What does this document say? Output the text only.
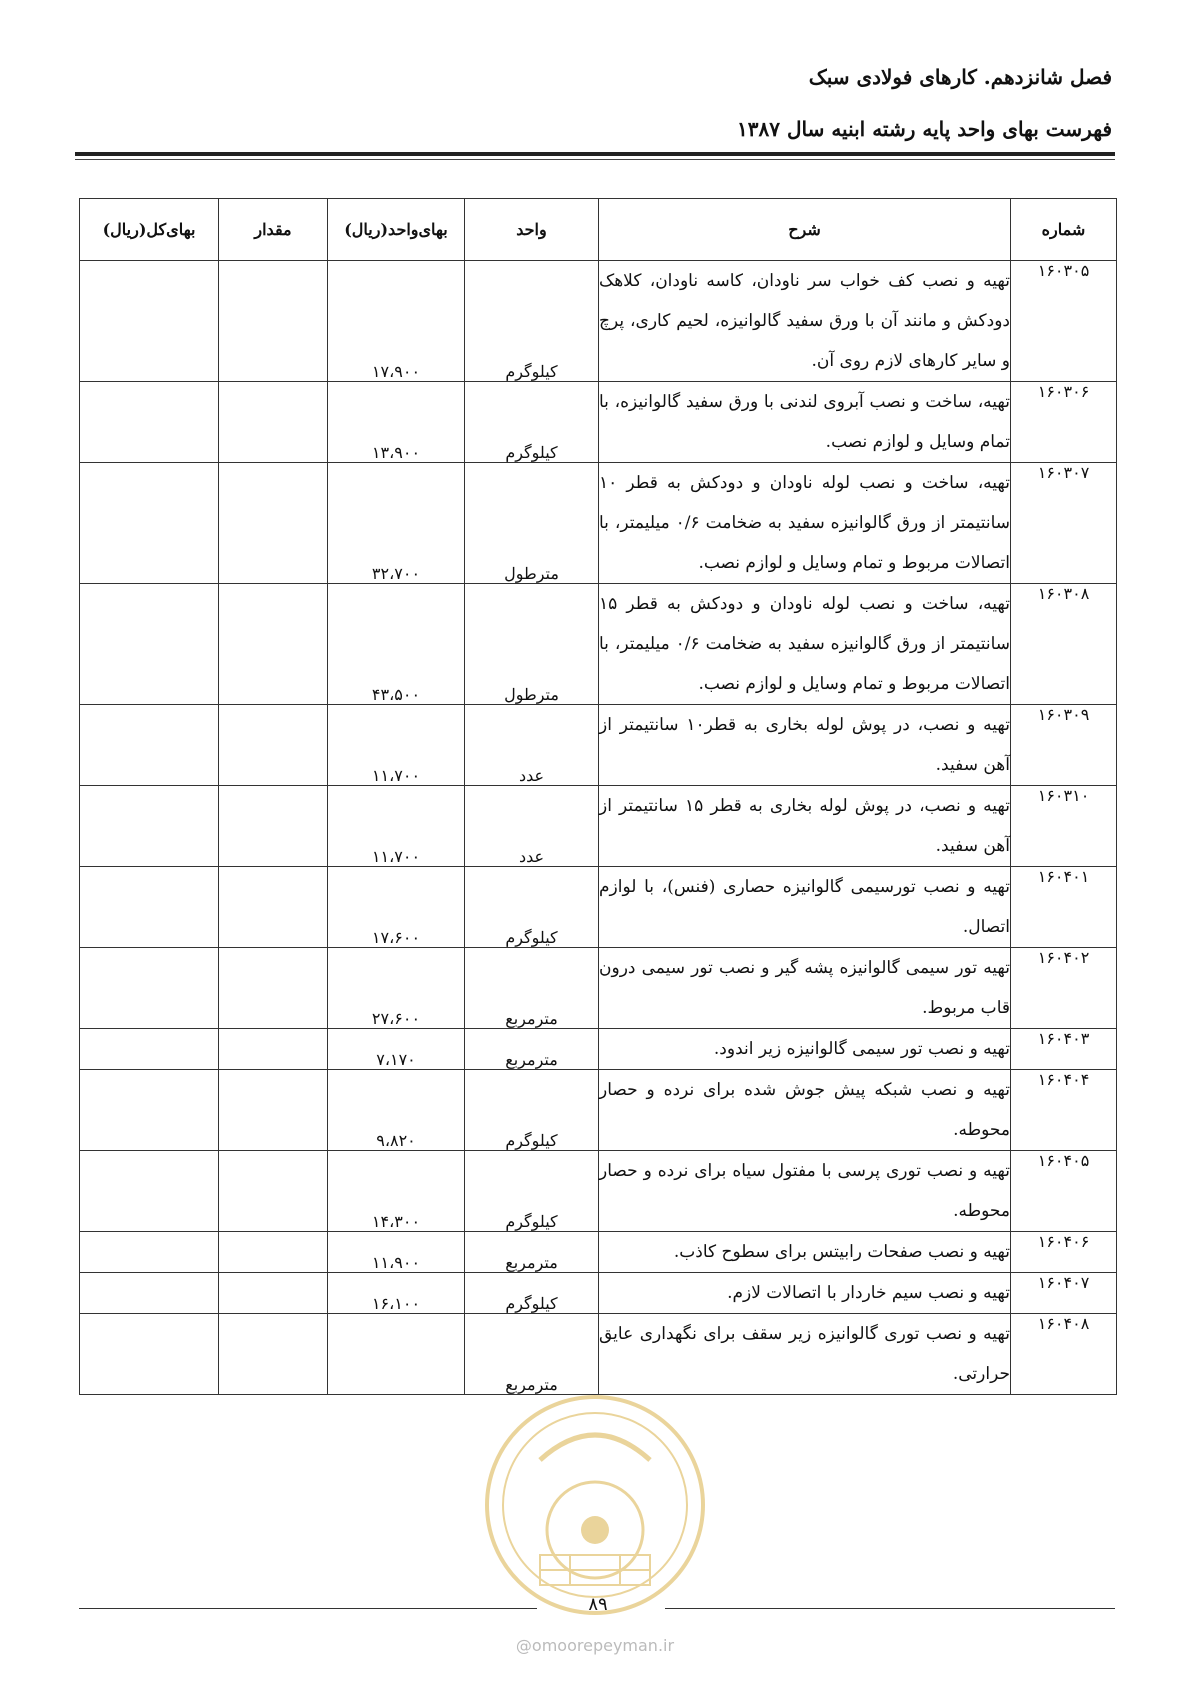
فصل شانزدهم. کارهای فولادی سبک
فهرست بهای واحد پایه رشته ابنیه سال ۱۳۸۷
شماره	شرح	واحد	بهای‌واحد(ریال)	مقدار	بهای‌کل(ریال)
۱۶۰۳۰۵	تهیه و نصب کف خواب سر ناودان، کاسه ناودان، کلاهک دودکش و مانند آن با ورق سفید گالوانیزه، لحیم کاری، پرچ و سایر کارهای لازم روی آن.	کیلوگرم	۱۷،۹۰۰		
۱۶۰۳۰۶	تهیه، ساخت و نصب آبروی لندنی با ورق سفید گالوانیزه، با تمام وسایل و لوازم نصب.	کیلوگرم	۱۳،۹۰۰		
۱۶۰۳۰۷	تهیه، ساخت و نصب لوله ناودان و دودکش به قطر ۱۰ سانتیمتر از ورق گالوانیزه سفید به ضخامت ۰/۶ میلیمتر، با اتصالات مربوط و تمام وسایل و لوازم نصب.	مترطول	۳۲،۷۰۰		
۱۶۰۳۰۸	تهیه، ساخت و نصب لوله ناودان و دودکش به قطر ۱۵ سانتیمتر از ورق گالوانیزه سفید به ضخامت ۰/۶ میلیمتر، با اتصالات مربوط و تمام وسایل و لوازم نصب.	مترطول	۴۳،۵۰۰		
۱۶۰۳۰۹	تهیه و نصب، در پوش لوله بخاری به قطر۱۰ سانتیمتر از آهن سفید.	عدد	۱۱،۷۰۰		
۱۶۰۳۱۰	تهیه و نصب، در پوش لوله بخاری به قطر ۱۵ سانتیمتر از آهن سفید.	عدد	۱۱،۷۰۰		
۱۶۰۴۰۱	تهیه و نصب تورسیمی گالوانیزه حصاری (فنس)، با لوازم اتصال.	کیلوگرم	۱۷،۶۰۰		
۱۶۰۴۰۲	تهیه تور سیمی گالوانیزه پشه گیر و نصب تور سیمی درون قاب مربوط.	مترمربع	۲۷،۶۰۰		
۱۶۰۴۰۳	تهیه و نصب تور سیمی گالوانیزه زیر اندود.	مترمربع	۷،۱۷۰		
۱۶۰۴۰۴	تهیه و نصب شبکه پیش جوش شده برای نرده و حصار محوطه.	کیلوگرم	۹،۸۲۰		
۱۶۰۴۰۵	تهیه و نصب توری پرسی با مفتول سیاه برای نرده و حصار محوطه.	کیلوگرم	۱۴،۳۰۰		
۱۶۰۴۰۶	تهیه و نصب صفحات رابیتس برای سطوح کاذب.	مترمربع	۱۱،۹۰۰		
۱۶۰۴۰۷	تهیه و نصب سیم خاردار با اتصالات لازم.	کیلوگرم	۱۶،۱۰۰		
۱۶۰۴۰۸	تهیه و نصب توری گالوانیزه زیر سقف برای نگهداری عایق حرارتی.	مترمربع			
۸۹
@omoorepeyman.ir
